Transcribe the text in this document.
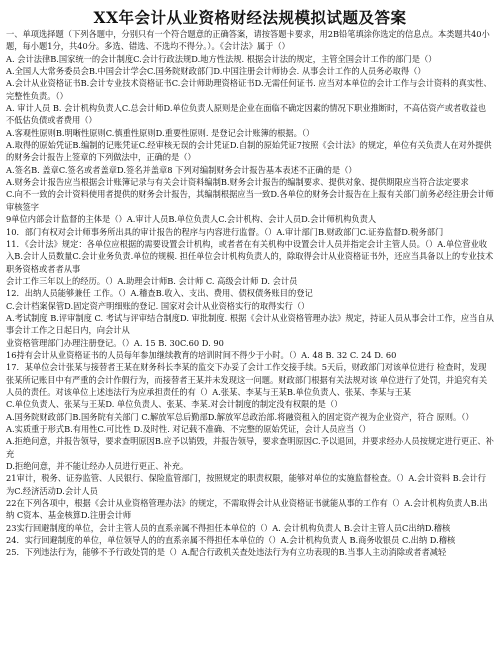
XX年会计从业资格财经法规模拟试题及答案

一、单项选择题（下列各题中，分别只有一个符合题意的正确答案，请按答题卡要求，用2B铅笔填涂你选定的信息点。本类题共40小题，每小题1分，共40分。多选、错选、不选均不得分。）。《会计法》属于（）

A. 会计法律B.国家统一的会计制度C.会计行政法规D.地方性法规. 根据会计法的规定，主管全国会计工作的部门是（）

A.全国人大常务委员会B.中国会计学会C.国务院财政部门D.中国注册会计师协会. 从事会计工作的人员务必取得（）

A.会计从业资格证书B.会计专业技术资格证书C.会计师助理资格证书D.无需任何证书. 应当对本单位的会计工作与会计资料的真实性、完整性负责。（）

A. 审计人员 B. 会计机构负责人C.总会计师D.单位负责人原则是企业在面临不确定因素的情况下职业推断时，不高估资产或者收益也不低估负债或者费用（）

A.客观性原则B.明晰性原则C.慎重性原则D.重要性原则. 是登记会计账簿的根据。（）

A.取得的原始凭证B.编制的记账凭证C.经审核无误的会计凭证D.自制的原始凭证7按照《会计法》的规定，单位有关负责人在对外提供的财务会计报告上签章的下列做法中，正确的是（）

A.签名B. 盖章C.签名或者盖章D.签名并盖章8 下列对编制财务会计报告基本表述不正确的是（）

A.财务会计报告应当根据会计账簿记录与有关会计资料编制B.财务会计报告的编制要求、提供对象、提供期限应当符合法定要求

C.向不一致的会计资料使用者提供的财务会计报告，其编制根据应当一致D.各单位的财务会计报告在上报有关部门前务必经注册会计师审核签字

9单位内部会计监督的主体是（）A.审计人员B.单位负责人C.会计机构、会计人员D.会计师机构负责人

10．部门有权对会计师事务所出具的审计报告的程序与内容进行监督。（）A.审计部门B.财政部门C.证券监督D.税务部门

11．《会计法》规定：各单位应根据的需要设置会计机构，或者者在有关机构中设置会计人员并指定会计主管人员。（）A.单位营业收入B.会计人员数量C.会计业务负责.单位的规模. 担任单位会计机构负责人的，除取得会计从业资格证书外，还应当具备以上的专业技术职务资格或者者从事

会计工作三年以上的经历。（）A.助理会计师B. 会计师 C. 高级会计师 D. 会计员

12．出纳人员能够兼任 工作。（）A.稽查B.收入、支出、费用、债权债务账目的登记

C.会计档案保管D.固定资产明细账的登记. 国家对会计从业资格实行的取得实行（）

A.考试制度 B.评审制度 C. 考试与评审结合制度D. 审批制度. 根据《会计从业资格管理办法》规定，持证人员从事会计工作，应当自从事会计工作之日起日内，向会计从

业资格管理部门办理注册登记。（）A. 15 B. 30C.60 D. 90

16持有会计从业资格证书的人员每年参加继续教育的培训时间不得少于小时。（）A. 48 B. 32 C. 24 D. 60

17．某单位会计张某与接替者王某在财务科长李某的监交下办妥了会计工作交接手续。5天后，财政部门对该单位进行 检查时，发现张某所记账目中有严重的会计作假行为，而接替者王某并未发现这一问题。财政部门根据有关法规对该 单位进行了处罚，并追究有关人员的责任。对该单位上述违法行为应承担责任的有（）A.张某、李某与王某B.单位负责人、张某、李某与王某

C.单位负责人、张某与王某D. 单位负责人、张某、李某.对会计制度的制定没有权限的是（）

A.国务院财政部门B.国务院有关部门 C.解放军总后勤部D.解放军总政治部.将融资租入的固定资产视为企业资产，符合 原则。（）

A.实质重于形式B.有用性C.可比性 D.及时性. 对记载不准确、不完整的原始凭证，会计人员应当（）

A.拒绝问意，并报告领导，要求查明原因B.应予以销毁，并报告领导，要求查明原因C.予以退回，并要求经办人员按规定进行更正、补充

D.拒绝问意，并不能让经办人员进行更正、补充。

21审计，税务、证券监管、人民银行、保险监管部门，按照规定的职责权限，能够对单位的实施监督检查。（）A.会计资料 B.会计行为C.经济活动D.会计人员

22在下列各项中，根据《会计从业资格管理办法》的规定，不需取得会计从业资格证书就能从事的工作有（）A.会计机构负责人B.出纳 C资本、基金核算D.注册会计师

23实行回避制度的单位，会计主管人员的直系亲属不得担任本单位的（）A. 会计机构负责人 B.会计主管人员C出纳D.稽核

24．实行回避制度的单位，单位领导人的的直系亲属不得担任本单位的（）A.会计机构负责人 B.商务收银员 C.出纳 D.稽核

25．下列违法行为，能够不予行政处罚的是（）A.配合行政机关查处违法行为有立功表现的B.当事人主动消除或者者减轻
